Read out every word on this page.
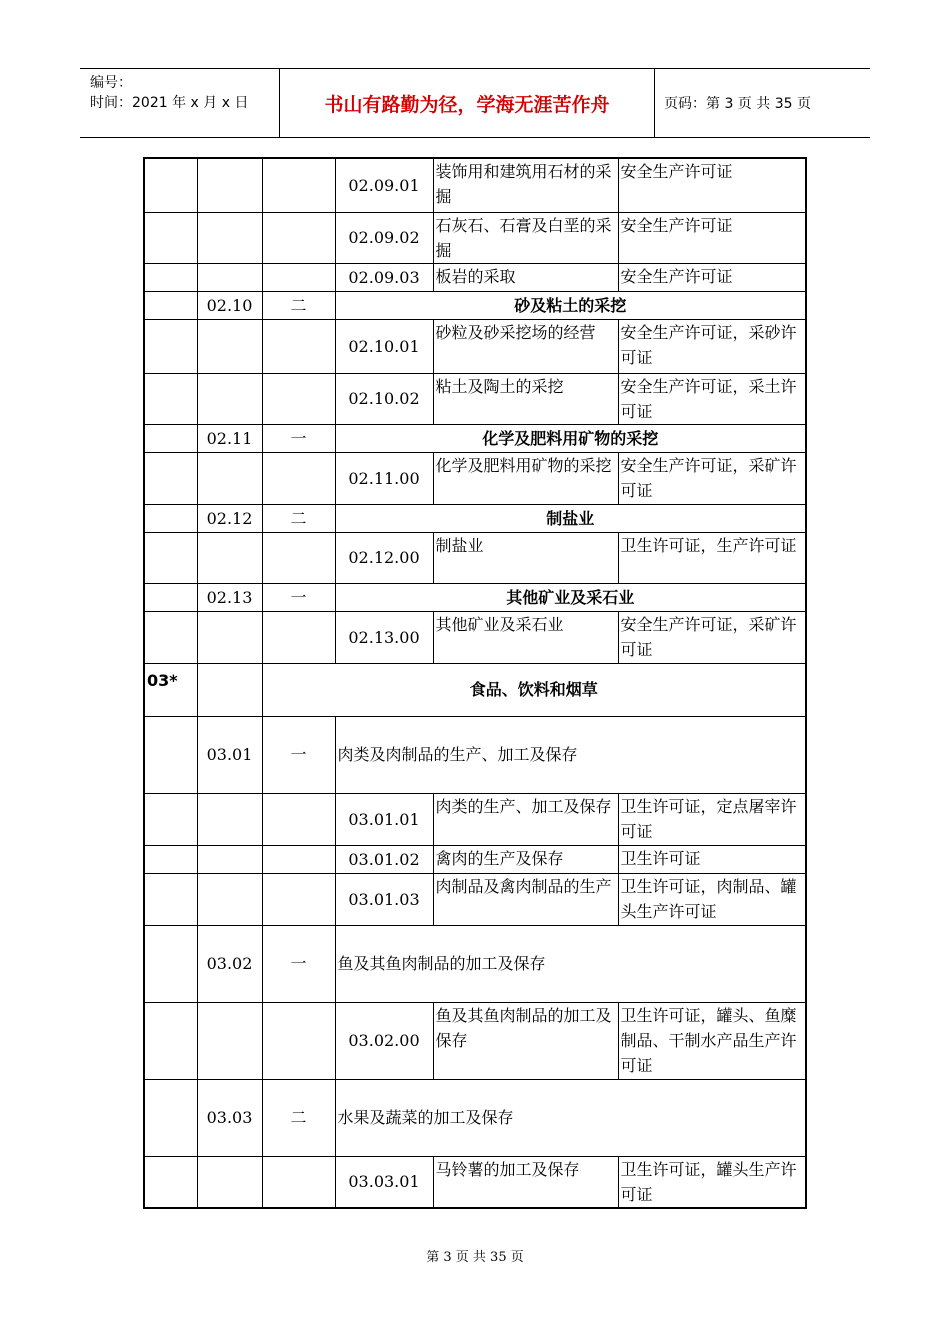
编号：
时间：2021 年 x 月 x 日	书山有路勤为径，学海无涯苦作舟	页码：第 3 页 共 35 页
			02.09.01	装饰用和建筑用石材的采掘	安全生产许可证
			02.09.02	石灰石、石膏及白垩的采掘	安全生产许可证
			02.09.03	板岩的采取	安全生产许可证
	02.10	二	砂及粘土的采挖		
			02.10.01	砂粒及砂采挖场的经营	安全生产许可证，采砂许可证
			02.10.02	粘土及陶土的采挖	安全生产许可证，采土许可证
	02.11	一	化学及肥料用矿物的采挖		
			02.11.00	化学及肥料用矿物的采挖	安全生产许可证，采矿许可证
	02.12	二	制盐业		
			02.12.00	制盐业	卫生许可证，生产许可证
	02.13	一	其他矿业及采石业		
			02.13.00	其他矿业及采石业	安全生产许可证，采矿许可证
03*		食品、饮料和烟草			
	03.01	一	肉类及肉制品的生产、加工及保存		
			03.01.01	肉类的生产、加工及保存	卫生许可证，定点屠宰许可证
			03.01.02	禽肉的生产及保存	卫生许可证
			03.01.03	肉制品及禽肉制品的生产	卫生许可证，肉制品、罐头生产许可证
	03.02	一	鱼及其鱼肉制品的加工及保存		
			03.02.00	鱼及其鱼肉制品的加工及保存	卫生许可证，罐头、鱼糜制品、干制水产品生产许可证
	03.03	二	水果及蔬菜的加工及保存		
			03.03.01	马铃薯的加工及保存	卫生许可证，罐头生产许可证
第 3 页 共 35 页
